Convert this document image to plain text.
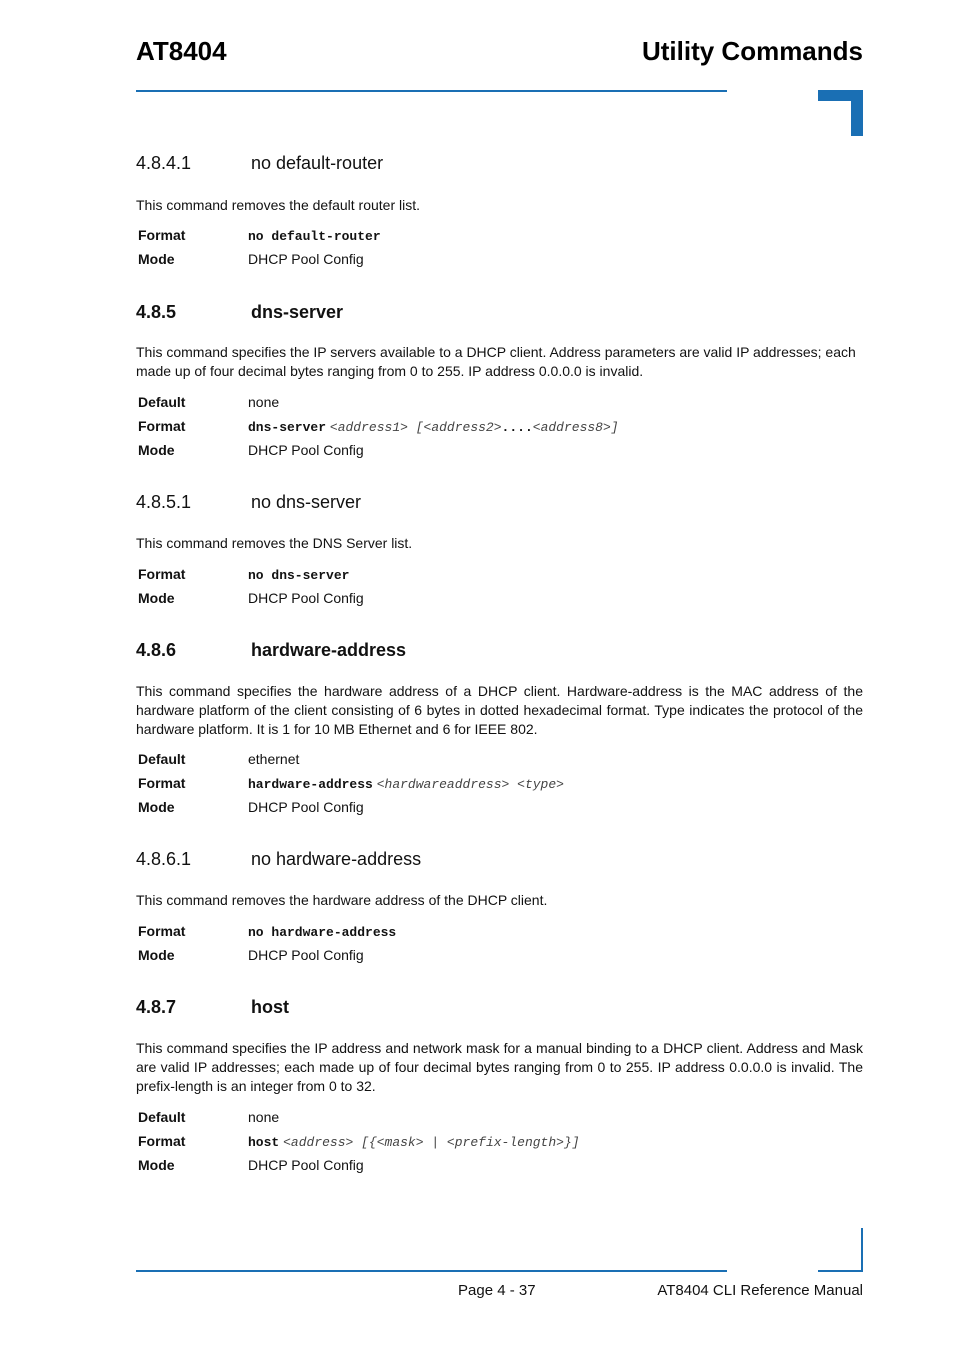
AT8404	Utility Commands
4.8.4.1	no default-router
This command removes the default router list.
Format	no default-router
Mode	DHCP Pool Config
4.8.5	dns-server
This command specifies the IP servers available to a DHCP client. Address parameters are valid IP addresses; each made up of four decimal bytes ranging from 0 to 255. IP address 0.0.0.0 is invalid.
Default	none
Format	dns-server <address1> [<address2>....<address8>]
Mode	DHCP Pool Config
4.8.5.1	no dns-server
This command removes the DNS Server list.
Format	no dns-server
Mode	DHCP Pool Config
4.8.6	hardware-address
This command specifies the hardware address of a DHCP client. Hardware-address is the MAC address of the hardware platform of the client consisting of 6 bytes in dotted hexadecimal format. Type indicates the protocol of the hardware platform. It is 1 for 10 MB Ethernet and 6 for IEEE 802.
Default	ethernet
Format	hardware-address <hardwareaddress> <type>
Mode	DHCP Pool Config
4.8.6.1	no hardware-address
This command removes the hardware address of the DHCP client.
Format	no hardware-address
Mode	DHCP Pool Config
4.8.7	host
This command specifies the IP address and network mask for a manual binding to a DHCP client. Address and Mask are valid IP addresses; each made up of four decimal bytes ranging from 0 to 255. IP address 0.0.0.0 is invalid. The prefix-length is an integer from 0 to 32.
Default	none
Format	host <address> [{<mask> | <prefix-length>}]
Mode	DHCP Pool Config
Page 4 - 37	AT8404 CLI Reference Manual
